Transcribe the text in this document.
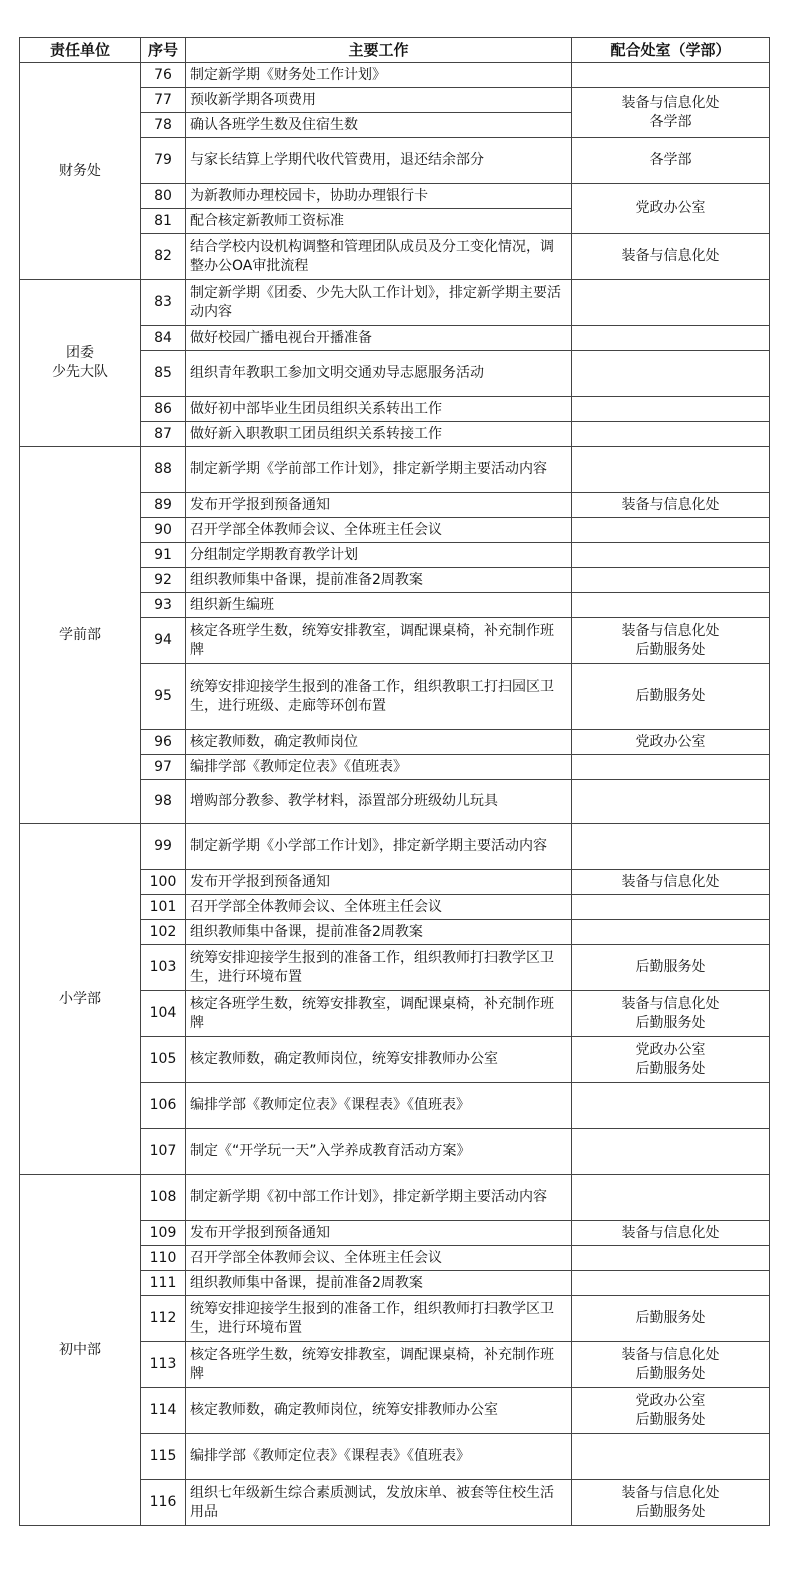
责任单位	序号	主要工作	配合处室（学部）

财务处	76	制定新学期《财务处工作计划》	
	77	预收新学期各项费用	装备与信息化处
各学部

	78	确认各班学生数及住宿生数	
	79	与家长结算上学期代收代管费用，退还结余部分	各学部

	80	为新教师办理校园卡，协助办理银行卡	党政办公室

	81	配合核定新教师工资标准	
	82	结合学校内设机构调整和管理团队成员及分工变化情况，调整办公OA审批流程	装备与信息化处

团委
少先大队	83	制定新学期《团委、少先大队工作计划》，排定新学期主要活动内容	
	84	做好校园广播电视台开播准备	
	85	组织青年教职工参加文明交通劝导志愿服务活动	
	86	做好初中部毕业生团员组织关系转出工作	
	87	做好新入职教职工团员组织关系转接工作	

学前部	88	制定新学期《学前部工作计划》，排定新学期主要活动内容	
	89	发布开学报到预备通知	装备与信息化处

	90	召开学部全体教师会议、全体班主任会议	
	91	分组制定学期教育教学计划	
	92	组织教师集中备课，提前准备2周教案	
	93	组织新生编班	
	94	核定各班学生数，统筹安排教室，调配课桌椅，补充制作班牌	装备与信息化处
后勤服务处

	95	统筹安排迎接学生报到的准备工作，组织教职工打扫园区卫生，进行班级、走廊等环创布置	后勤服务处

	96	核定教师数，确定教师岗位	党政办公室

	97	编排学部《教师定位表》《值班表》	
	98	增购部分教参、教学材料，添置部分班级幼儿玩具	

小学部	99	制定新学期《小学部工作计划》，排定新学期主要活动内容	
	100	发布开学报到预备通知	装备与信息化处

	101	召开学部全体教师会议、全体班主任会议	
	102	组织教师集中备课，提前准备2周教案	
	103	统筹安排迎接学生报到的准备工作，组织教师打扫教学区卫生，进行环境布置	后勤服务处

	104	核定各班学生数，统筹安排教室，调配课桌椅，补充制作班牌	装备与信息化处
后勤服务处

	105	核定教师数，确定教师岗位，统筹安排教师办公室	党政办公室
后勤服务处

	106	编排学部《教师定位表》《课程表》《值班表》	
	107	制定《“开学玩一天”入学养成教育活动方案》	

初中部	108	制定新学期《初中部工作计划》，排定新学期主要活动内容	
	109	发布开学报到预备通知	装备与信息化处

	110	召开学部全体教师会议、全体班主任会议	
	111	组织教师集中备课，提前准备2周教案	
	112	统筹安排迎接学生报到的准备工作，组织教师打扫教学区卫生，进行环境布置	后勤服务处

	113	核定各班学生数，统筹安排教室，调配课桌椅，补充制作班牌	装备与信息化处
后勤服务处

	114	核定教师数，确定教师岗位，统筹安排教师办公室	党政办公室
后勤服务处

	115	编排学部《教师定位表》《课程表》《值班表》	
	116	组织七年级新生综合素质测试，发放床单、被套等住校生活用品	装备与信息化处
后勤服务处
